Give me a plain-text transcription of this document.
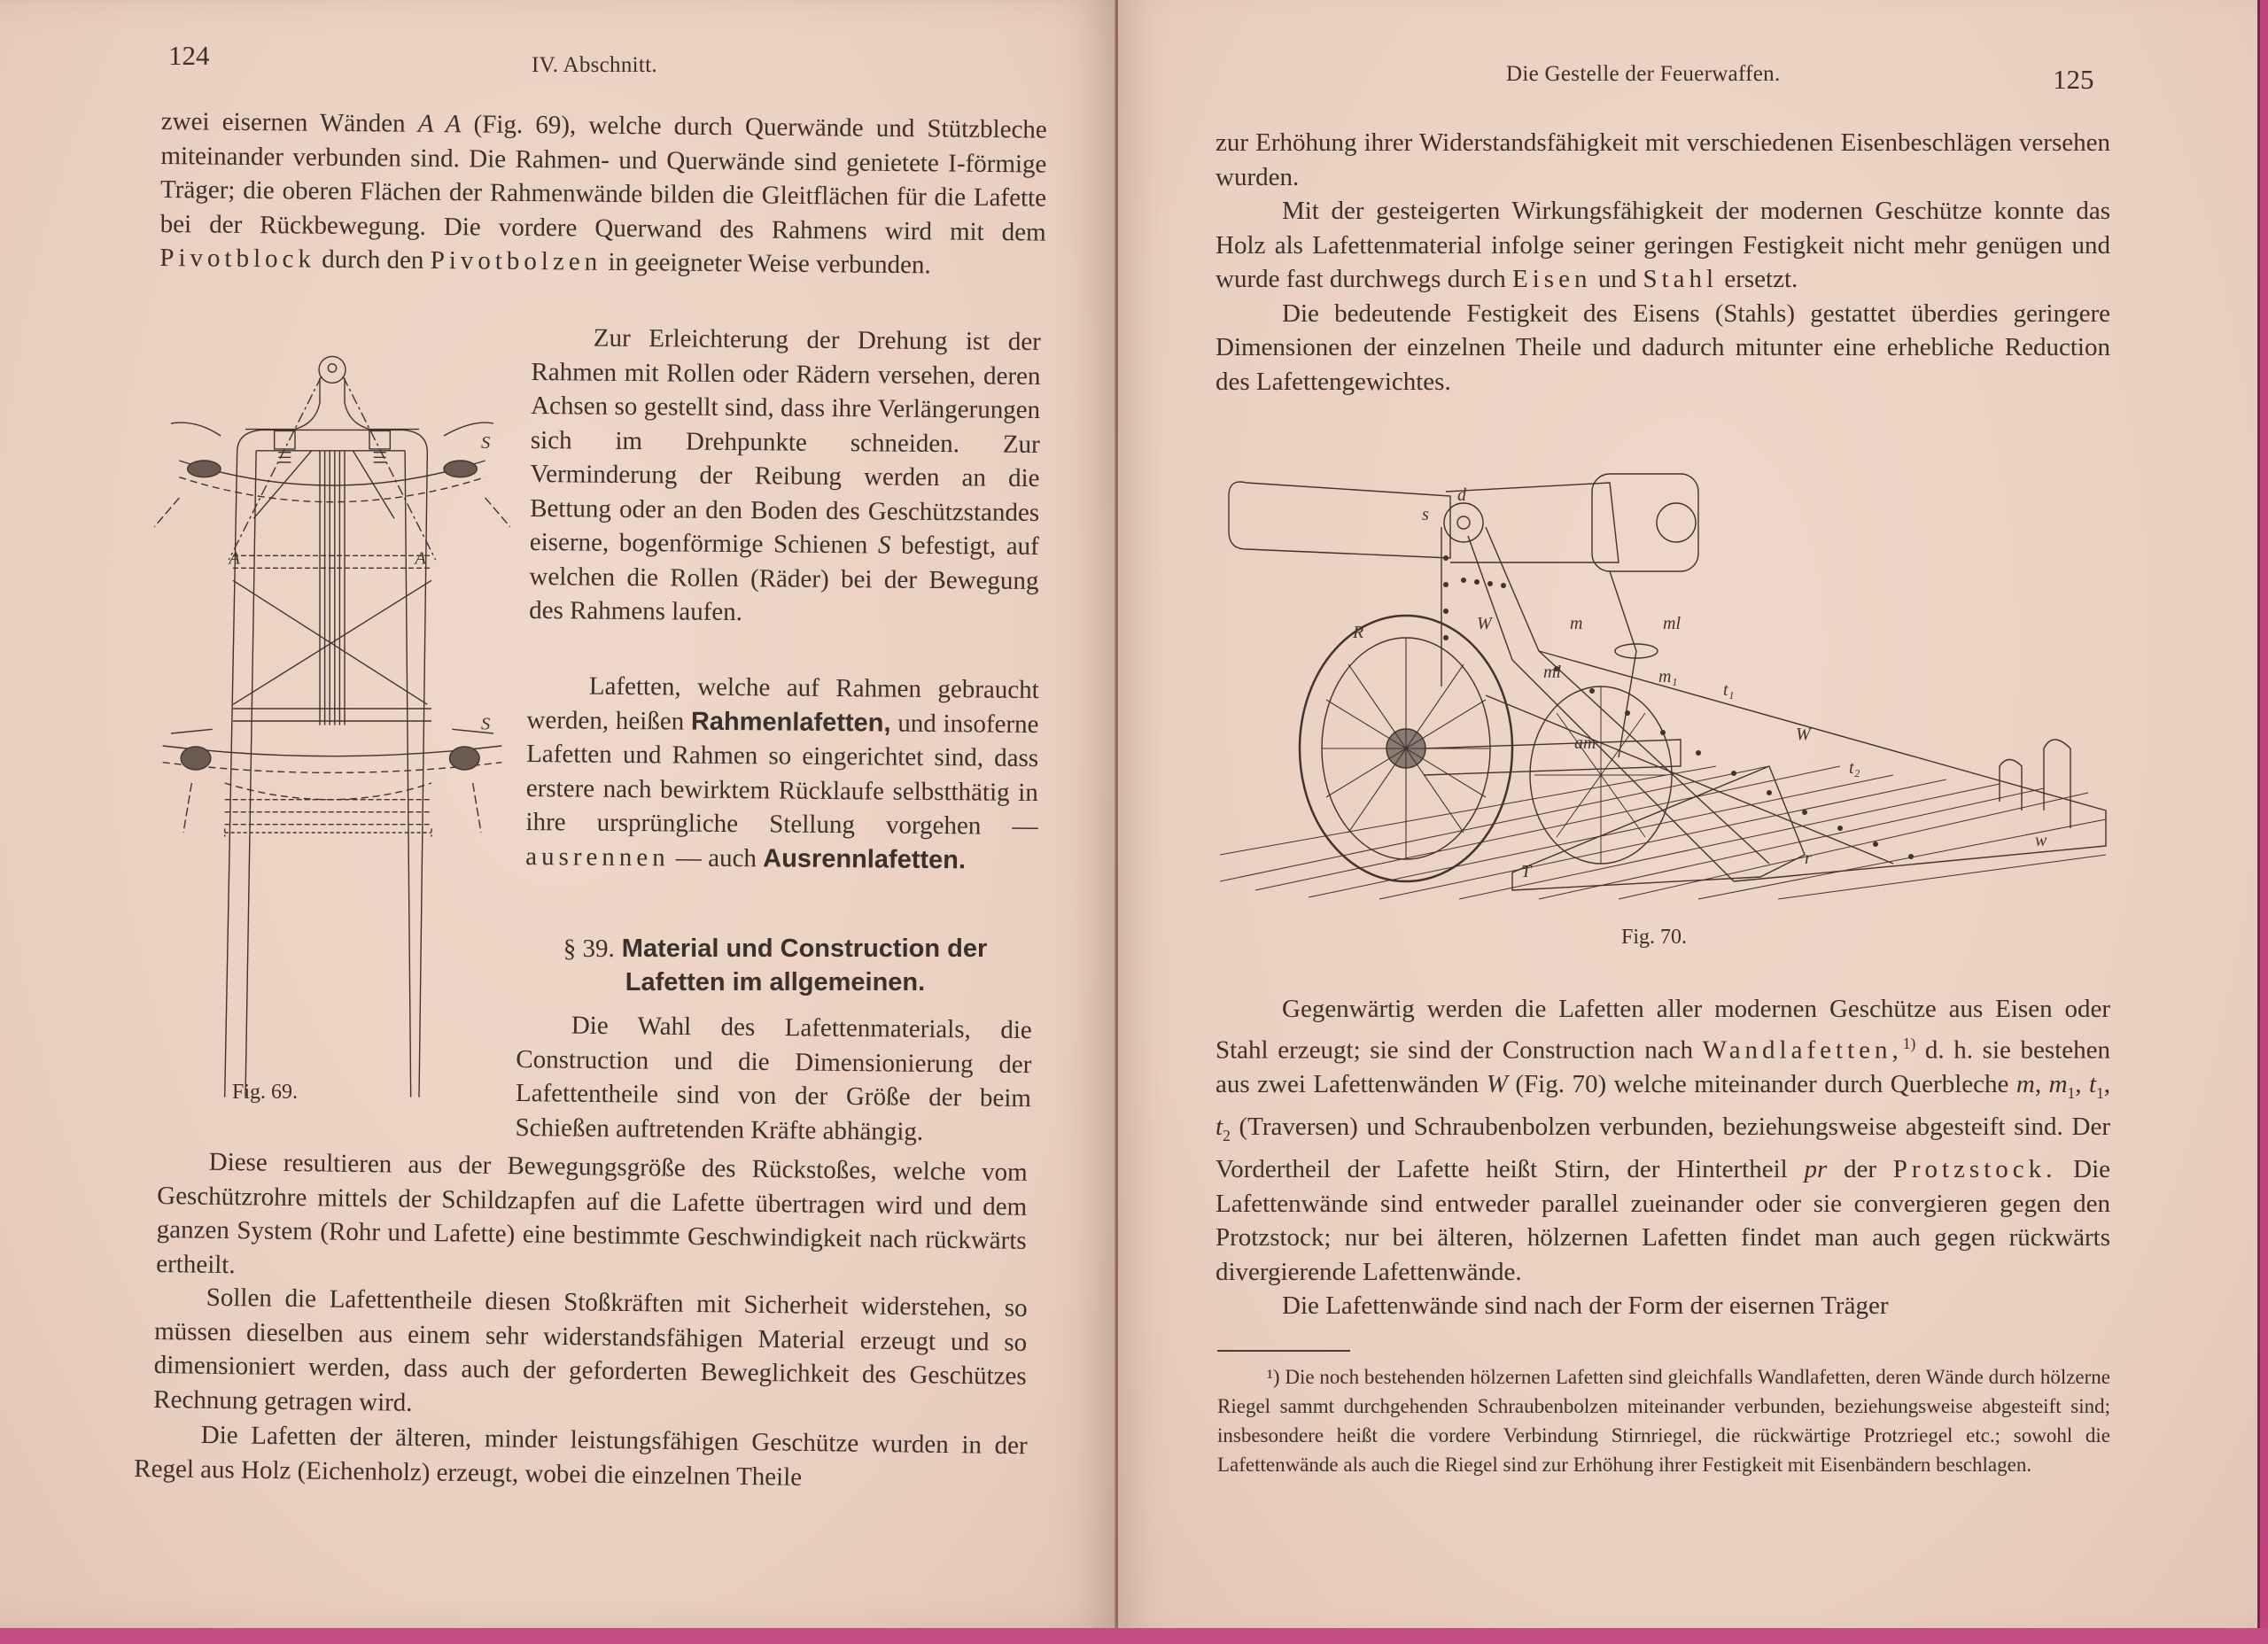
124	IV. Abschnitt.

zwei eisernen Wänden A A (Fig. 69), welche durch Querwände und Stützbleche miteinander verbunden sind. Die Rahmen- und Querwände sind genietete I-förmige Träger; die oberen Flächen der Rahmenwände bilden die Gleitflächen für die Lafette bei der Rückbewegung. Die vordere Querwand des Rahmens wird mit dem Pivotblock durch den Pivotbolzen in geeigneter Weise verbunden.

A	A
S
S
Fig. 69.

Zur Erleichterung der Drehung ist der Rahmen mit Rollen oder Rädern versehen, deren Achsen so gestellt sind, dass ihre Verlängerungen sich im Drehpunkte schneiden. Zur Verminderung der Reibung werden an die Bettung oder an den Boden des Geschützstandes eiserne, bogenförmige Schienen S befestigt, auf welchen die Rollen (Räder) bei der Bewegung des Rahmens laufen.

Lafetten, welche auf Rahmen gebraucht werden, heißen Rahmenlafetten, und insoferne Lafetten und Rahmen so eingerichtet sind, dass erstere nach bewirktem Rücklaufe selbstthätig in ihre ursprüngliche Stellung vorgehen — ausrennen — auch Ausrennlafetten.

§ 39. Material und Construction der
Lafetten im allgemeinen.

Die Wahl des Lafettenmaterials, die Construction und die Dimensionierung der Lafettentheile sind von der Größe der beim Schießen auftretenden Kräfte abhängig.

Diese resultieren aus der Bewegungsgröße des Rückstoßes, welche vom Geschützrohre mittels der Schildzapfen auf die Lafette übertragen wird und dem ganzen System (Rohr und Lafette) eine bestimmte Geschwindigkeit nach rückwärts ertheilt.

Sollen die Lafettentheile diesen Stoßkräften mit Sicherheit widerstehen, so müssen dieselben aus einem sehr widerstandsfähigen Material erzeugt und so dimensioniert werden, dass auch der geforderten Beweglichkeit des Geschützes Rechnung getragen wird.

Die Lafetten der älteren, minder leistungsfähigen Geschütze wurden in der Regel aus Holz (Eichenholz) erzeugt, wobei die einzelnen Theile

Die Gestelle der Feuerwaffen.	125

zur Erhöhung ihrer Widerstandsfähigkeit mit verschiedenen Eisenbeschlägen versehen wurden.

Mit der gesteigerten Wirkungsfähigkeit der modernen Geschütze konnte das Holz als Lafettenmaterial infolge seiner geringen Festigkeit nicht mehr genügen und wurde fast durchwegs durch Eisen und Stahl ersetzt.

Die bedeutende Festigkeit des Eisens (Stahls) gestattet überdies geringere Dimensionen der einzelnen Theile und dadurch mitunter eine erhebliche Reduction des Lafettengewichtes.

s
d
W
R	m	ml
ml	m₁
t₁
W
t₂
am
T
r
w
Fig. 70.

Gegenwärtig werden die Lafetten aller modernen Geschütze aus Eisen oder Stahl erzeugt; sie sind der Construction nach Wandlafetten,$^{1)}$ d. h. sie bestehen aus zwei Lafettenwänden W (Fig. 70) welche miteinander durch Querbleche m, $m_1$, $t_1$, $t_2$ (Traversen) und Schraubenbolzen verbunden, beziehungsweise abgesteift sind. Der Vordertheil der Lafette heißt Stirn, der Hintertheil pr der Protzstock. Die Lafettenwände sind entweder parallel zueinander oder sie convergieren gegen den Protzstock; nur bei älteren, hölzernen Lafetten findet man auch gegen rückwärts divergierende Lafettenwände.

Die Lafettenwände sind nach der Form der eisernen Träger

¹) Die noch bestehenden hölzernen Lafetten sind gleichfalls Wandlafetten, deren Wände durch hölzerne Riegel sammt durchgehenden Schraubenbolzen miteinander verbunden, beziehungsweise abgesteift sind; insbesondere heißt die vordere Verbindung Stirnriegel, die rückwärtige Protzriegel etc.; sowohl die Lafettenwände als auch die Riegel sind zur Erhöhung ihrer Festigkeit mit Eisenbändern beschlagen.
